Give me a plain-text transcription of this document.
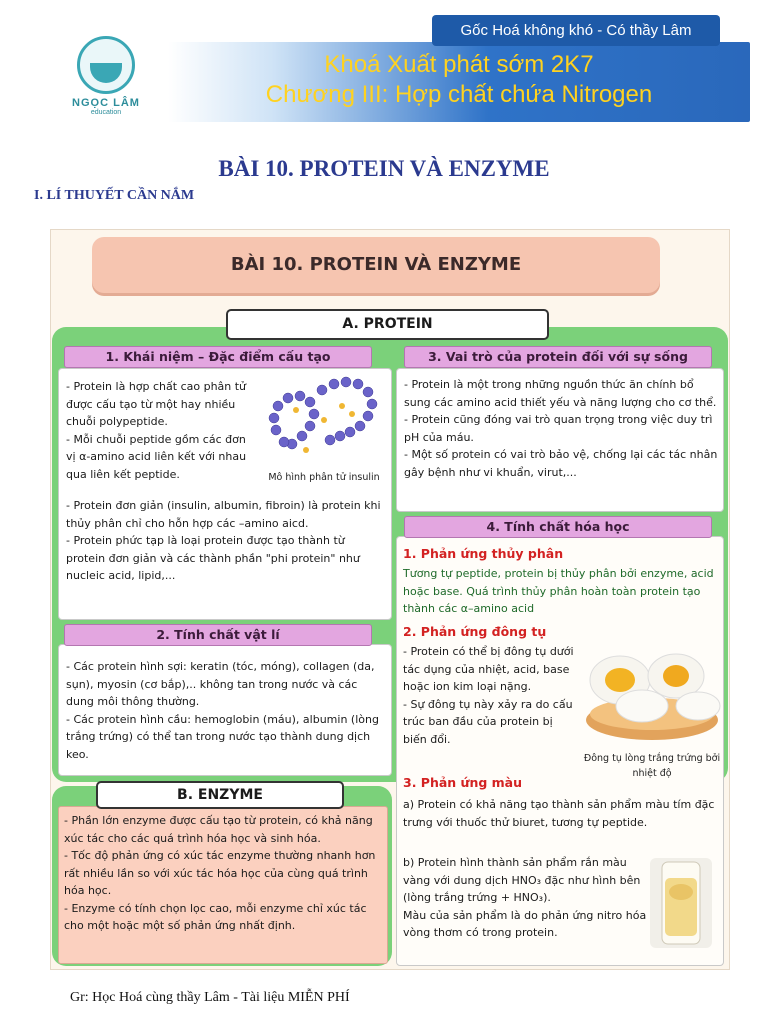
NGỌC LÂM
education
Khoá Xuất phát sớm 2K7
Chương III: Hợp chất chứa Nitrogen
Gốc Hoá không khó - Có thầy Lâm
BÀI 10. PROTEIN VÀ ENZYME
I. LÍ THUYẾT CẦN NẮM
BÀI 10. PROTEIN VÀ ENZYME
A. PROTEIN
1. Khái niệm – Đặc điểm cấu tạo	3. Vai trò của protein đối với sự sống

- Protein là hợp chất cao phân tử được cấu tạo từ một hay nhiều chuỗi polypeptide.

- Mỗi chuỗi peptide gồm các đơn vị α-amino acid liên kết với nhau qua liên kết peptide.	Mô hình phân tử insulin

- Protein đơn giản (insulin, albumin, fibroin) là protein khi thủy phân chỉ cho hỗn hợp các –amino aicd.

- Protein phức tạp là loại protein được tạo thành từ protein đơn giản và các thành phần "phi protein" như nucleic acid, lipid,...

2. Tính chất vật lí

- Các protein hình sợi: keratin (tóc, móng), collagen (da, sụn), myosin (cơ bắp),.. không tan trong nước và các dung môi thông thường.

- Các protein hình cầu: hemoglobin (máu), albumin (lòng trắng trứng) có thể tan trong nước tạo thành dung dịch keo.

- Protein là một trong những nguồn thức ăn chính bổ sung các amino acid thiết yếu và năng lượng cho cơ thể.

- Protein cũng đóng vai trò quan trọng trong việc duy trì pH của máu.

- Một số protein có vai trò bảo vệ, chống lại các tác nhân gây bệnh như vi khuẩn, virut,...

4. Tính chất hóa học
1. Phản ứng thủy phân
Tương tự peptide, protein bị thủy phân bởi enzyme, acid hoặc base. Quá trình thủy phân hoàn toàn protein tạo thành các α–amino acid
2. Phản ứng đông tụ

- Protein có thể bị đông tụ dưới tác dụng của nhiệt, acid, base hoặc ion kim loại nặng.

- Sự đông tụ này xảy ra do cấu trúc ban đầu của protein bị biến đổi.

Đông tụ lòng trắng trứng bởi nhiệt độ
3. Phản ứng màu
a) Protein có khả năng tạo thành sản phẩm màu tím đặc trưng với thuốc thử biuret, tương tự peptide.

b) Protein hình thành sản phẩm rắn màu vàng với dung dịch HNO₃ đặc như hình bên (lòng trắng trứng + HNO₃).

Màu của sản phẩm là do phản ứng nitro hóa vòng thơm có trong protein.

B. ENZYME

- Phần lớn enzyme được cấu tạo từ protein, có khả năng xúc tác cho các quá trình hóa học và sinh hóa.

- Tốc độ phản ứng có xúc tác enzyme thường nhanh hơn rất nhiều lần so với xúc tác hóa học của cùng quá trình hóa học.

- Enzyme có tính chọn lọc cao, mỗi enzyme chỉ xúc tác cho một hoặc một số phản ứng nhất định.

Gr: Học Hoá cùng thầy Lâm - Tài liệu MIỄN PHÍ
